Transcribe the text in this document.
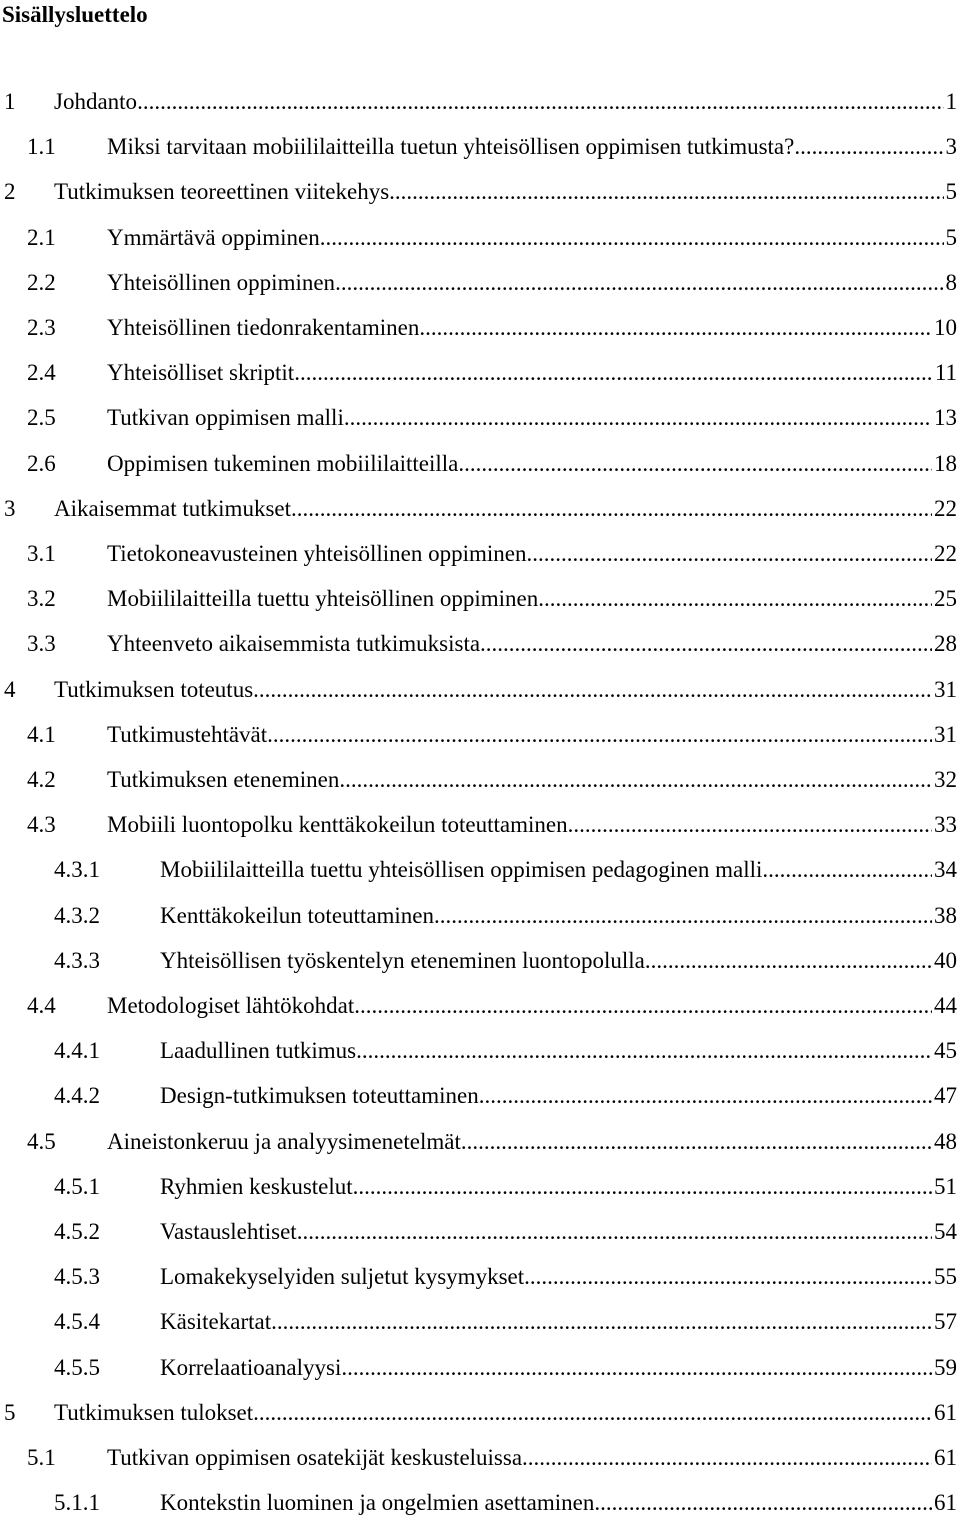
Sisällysluettelo
1 Johdanto .....	1
1.1 Miksi tarvitaan mobiililaitteilla tuetun yhteisöllisen oppimisen tutkimusta? .....	3
2 Tutkimuksen teoreettinen viitekehys .....	5
2.1 Ymmärtävä oppiminen .....	5
2.2 Yhteisöllinen oppiminen .....	8
2.3 Yhteisöllinen tiedonrakentaminen .....	10
2.4 Yhteisölliset skriptit .....	11
2.5 Tutkivan oppimisen malli .....	13
2.6 Oppimisen tukeminen mobiililaitteilla .....	18
3 Aikaisemmat tutkimukset .....	22
3.1 Tietokoneavusteinen yhteisöllinen oppiminen .....	22
3.2 Mobiililaitteilla tuettu yhteisöllinen oppiminen .....	25
3.3 Yhteenveto aikaisemmista tutkimuksista .....	28
4 Tutkimuksen toteutus .....	31
4.1 Tutkimustehtävät .....	31
4.2 Tutkimuksen eteneminen .....	32
4.3 Mobiili luontopolku kenttäkokeilun toteuttaminen .....	33
4.3.1	Mobiililaitteilla tuettu yhteisöllisen oppimisen pedagoginen malli .....	34
4.3.2	Kenttäkokeilun toteuttaminen .....	38
4.3.3	Yhteisöllisen työskentelyn eteneminen luontopolulla .....	40
4.4 Metodologiset lähtökohdat .....	44
4.4.1	Laadullinen tutkimus .....	45
4.4.2	Design-tutkimuksen toteuttaminen .....	47
4.5 Aineistonkeruu ja analyysimenetelmät .....	48
4.5.1	Ryhmien keskustelut .....	51
4.5.2	Vastauslehtiset .....	54
4.5.3	Lomakekyselyiden suljetut kysymykset .....	55
4.5.4	Käsitekartat .....	57
4.5.5	Korrelaatioanalyysi .....	59
5 Tutkimuksen tulokset .....	61
5.1 Tutkivan oppimisen osatekijät keskusteluissa .....	61
5.1.1	Kontekstin luominen ja ongelmien asettaminen .....	61
